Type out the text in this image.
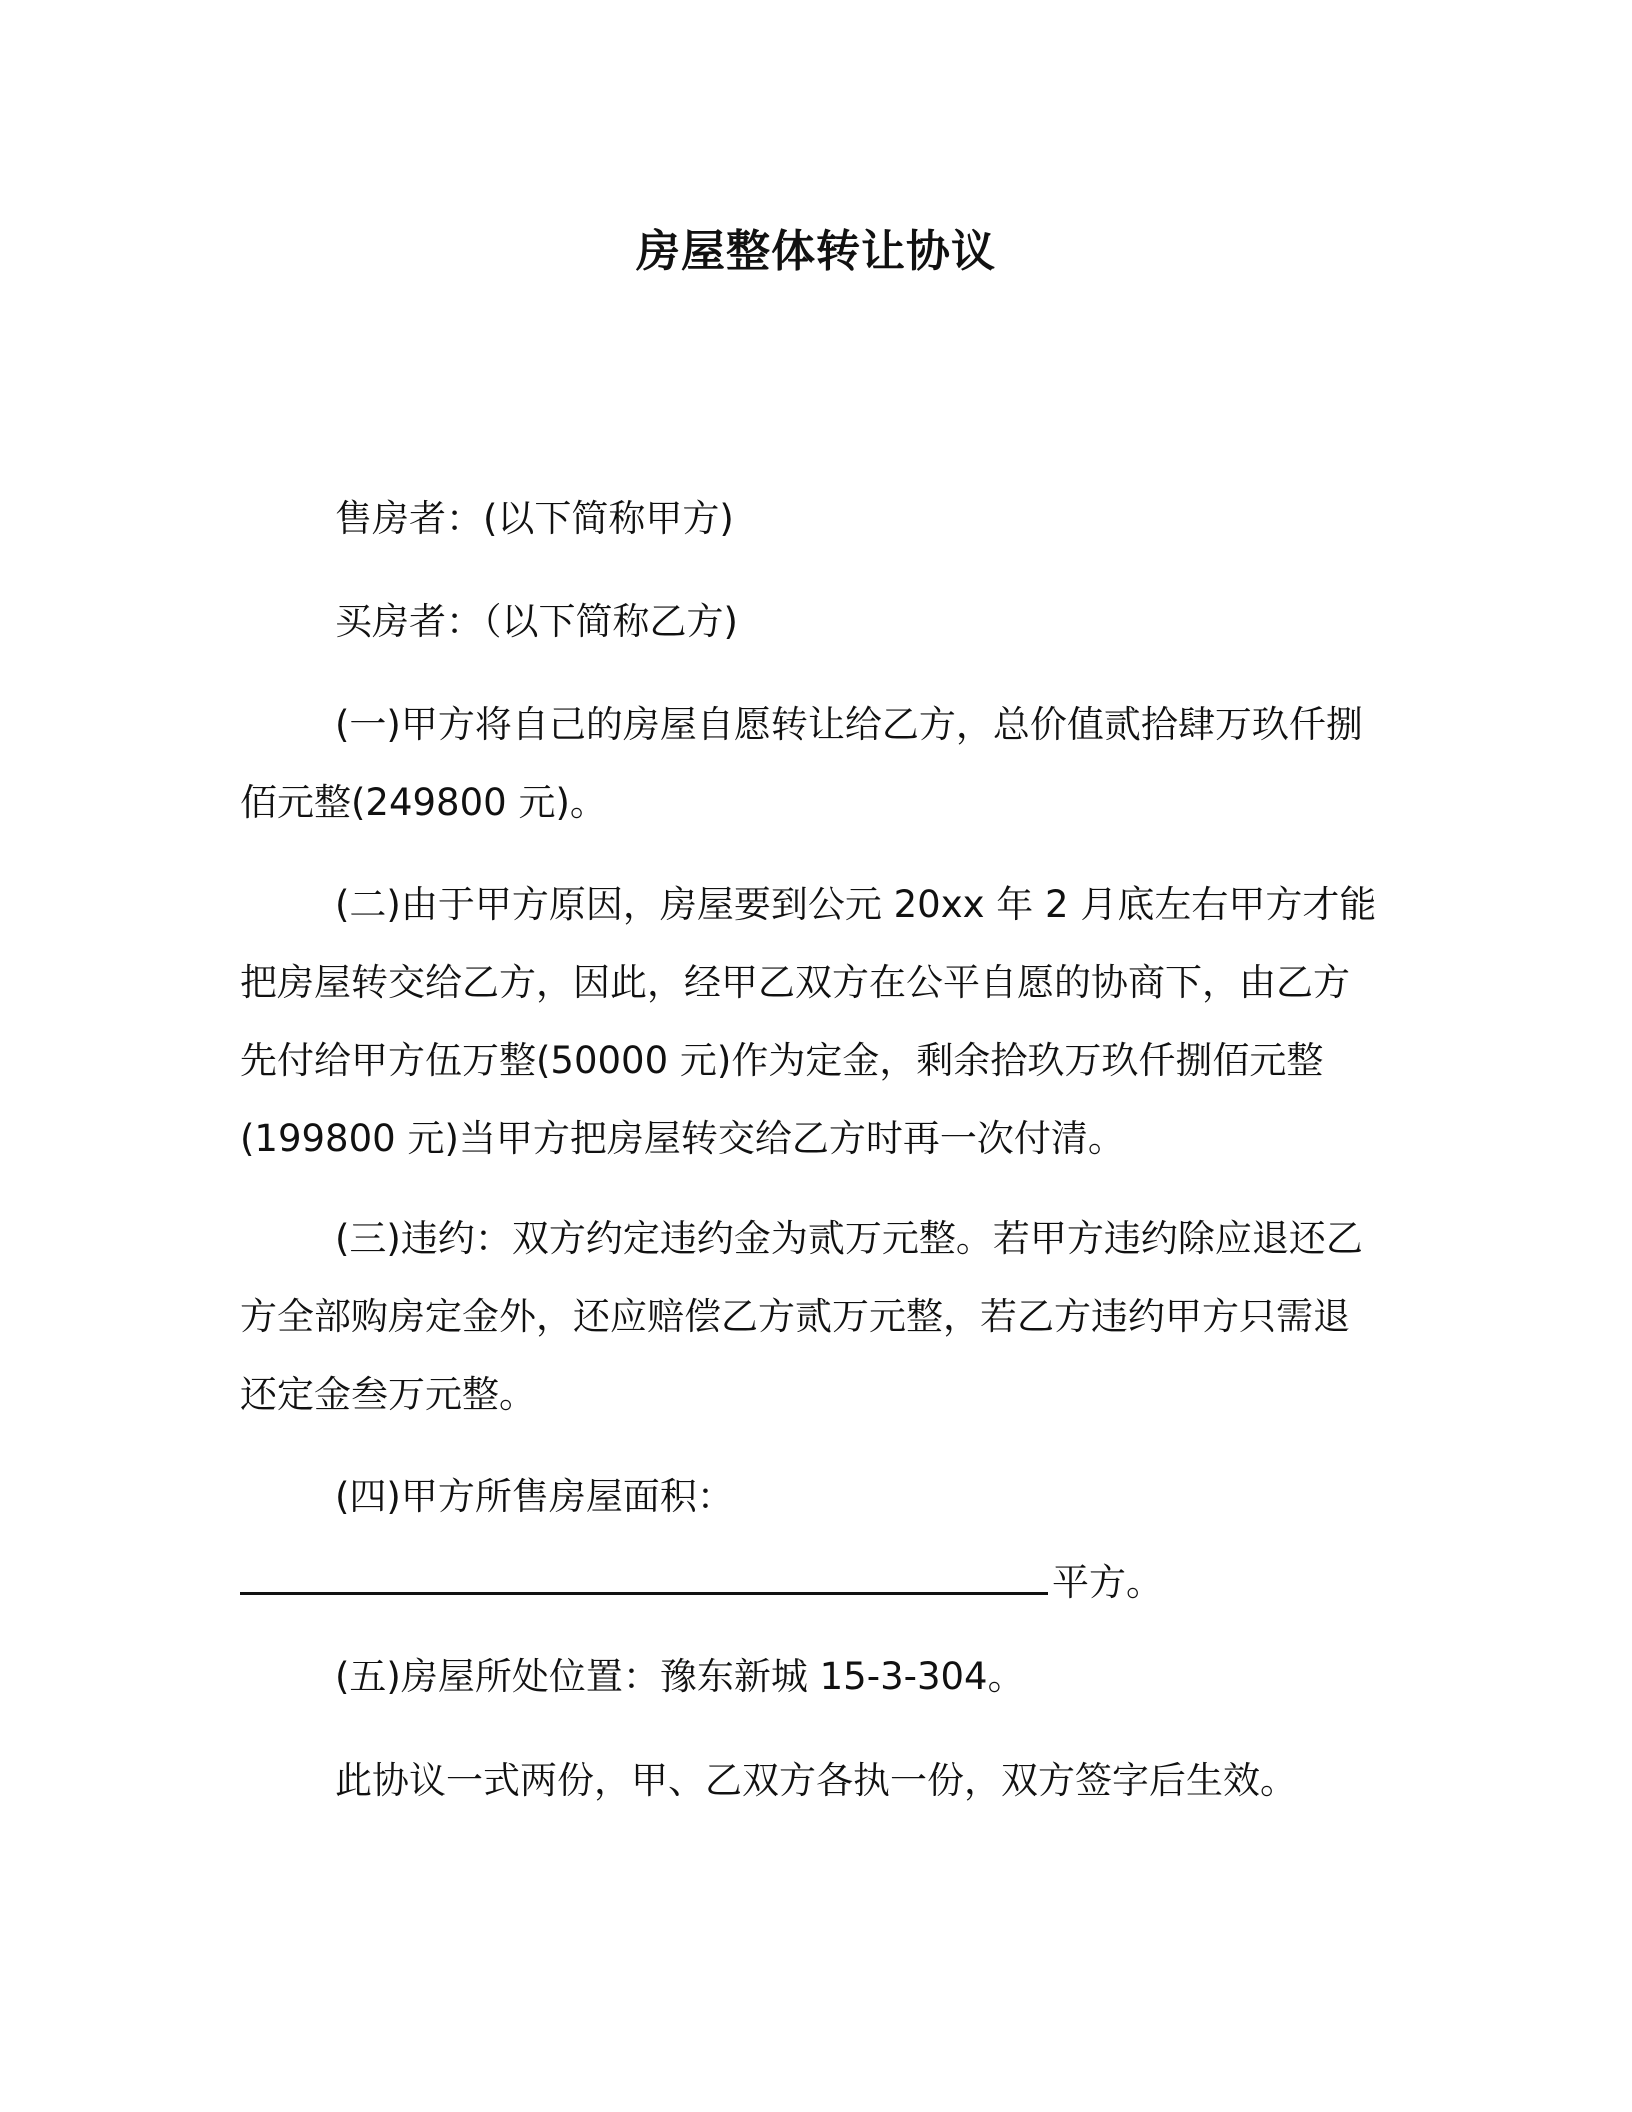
房屋整体转让协议
售房者：(以下简称甲方)
买房者：（以下简称乙方)
(一)甲方将自己的房屋自愿转让给乙方，总价值贰拾肆万玖仟捌
佰元整(249800 元)。
(二)由于甲方原因，房屋要到公元 20xx 年 2 月底左右甲方才能
把房屋转交给乙方，因此，经甲乙双方在公平自愿的协商下，由乙方
先付给甲方伍万整(50000 元)作为定金，剩余拾玖万玖仟捌佰元整
(199800 元)当甲方把房屋转交给乙方时再一次付清。
(三)违约：双方约定违约金为贰万元整。若甲方违约除应退还乙
方全部购房定金外，还应赔偿乙方贰万元整，若乙方违约甲方只需退
还定金叁万元整。
(四)甲方所售房屋面积：
平方。
(五)房屋所处位置：豫东新城 15-3-304。
此协议一式两份，甲、乙双方各执一份，双方签字后生效。
